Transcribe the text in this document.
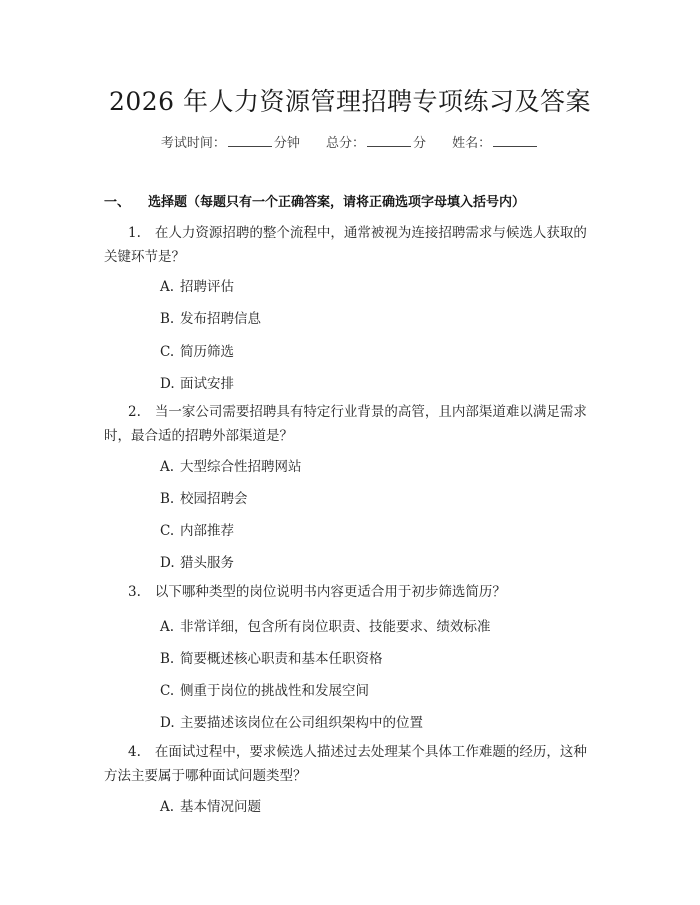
2026 年人力资源管理招聘专项练习及答案
考试时间：	分钟 总分：	分 姓名：
一、 选择题（每题只有一个正确答案，请将正确选项字母填入括号内）
1. 在人力资源招聘的整个流程中，通常被视为连接招聘需求与候选人获取的关键环节是？
A. 招聘评估
B. 发布招聘信息
C. 简历筛选
D. 面试安排
2. 当一家公司需要招聘具有特定行业背景的高管，且内部渠道难以满足需求时，最合适的招聘外部渠道是？
A. 大型综合性招聘网站
B. 校园招聘会
C. 内部推荐
D. 猎头服务
3. 以下哪种类型的岗位说明书内容更适合用于初步筛选简历？
A. 非常详细，包含所有岗位职责、技能要求、绩效标准
B. 简要概述核心职责和基本任职资格
C. 侧重于岗位的挑战性和发展空间
D. 主要描述该岗位在公司组织架构中的位置
4. 在面试过程中，要求候选人描述过去处理某个具体工作难题的经历，这种方法主要属于哪种面试问题类型？
A. 基本情况问题
